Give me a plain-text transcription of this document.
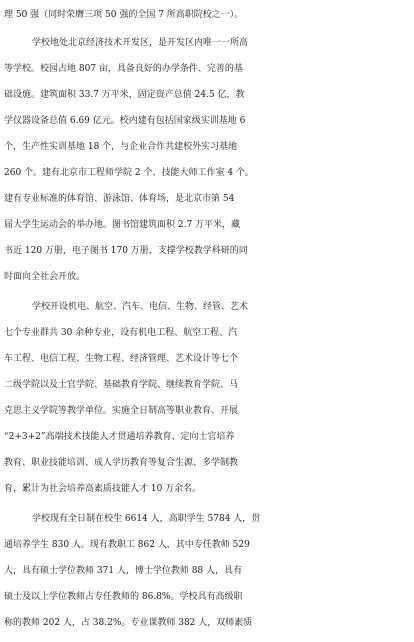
理 50 强（同时荣膺三项 50 强的全国 7 所高职院校之一）。
学校地处北京经济技术开发区，是开发区内唯一一所高
等学校。校园占地 807 亩，具备良好的办学条件、完善的基
础设施。建筑面积 33.7 万平米，固定资产总值 24.5 亿，教
学仪器设备总值 6.69 亿元。校内建有包括国家级实训基地 6
个，生产性实训基地 18 个，与企业合作共建校外实习基地
260 个。建有北京市工程师学院 2 个、技能大师工作室 4 个。
建有专业标准的体育馆、游泳馆、体育场，是北京市第 54
届大学生运动会的举办地。图书馆建筑面积 2.7 万平米，藏
书近 120 万册，电子图书 170 万册，支撑学校教学科研的同
时面向全社会开放。
学校开设机电、航空、汽车、电信、生物、经管、艺术
七个专业群共 30 余种专业，设有机电工程、航空工程、汽
车工程、电信工程、生物工程、经济管理、艺术设计等七个
二级学院以及士官学院、基础教育学院、继续教育学院、马
克思主义学院等教学单位。实施全日制高等职业教育、开展
“2+3+2”高端技术技能人才贯通培养教育、定向士官培养
教育、职业技能培训、成人学历教育等复合生源、多学制教
育，累计为社会培养高素质技能人才 10 万余名。
学校现有全日制在校生 6614 人，高职学生 5784 人，贯
通培养学生 830 人。现有教职工 862 人，其中专任教师 529
人，具有硕士学位教师 371 人，博士学位教师 88 人，具有
硕士及以上学位教师占专任教师的 86.8%。学校具有高级职
称的教师 202 人，占 38.2%。专业课教师 382 人，双师素质
